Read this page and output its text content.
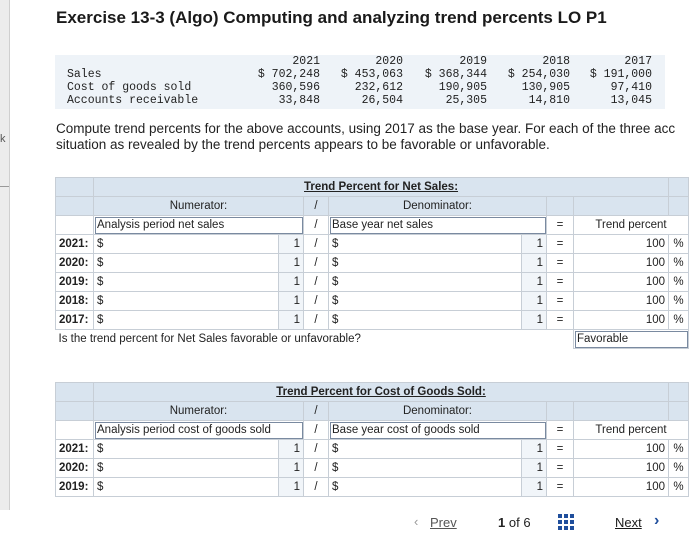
k
Exercise 13-3 (Algo) Computing and analyzing trend percents LO P1
2021	2020	2019	2018	2017
Sales	$ 702,248	$ 453,063	$ 368,344	$ 254,030	$ 191,000
Cost of goods sold	360,596	232,612	190,905	130,905	97,410
Accounts receivable	33,848	26,504	25,305	14,810	13,045
Compute trend percents for the above accounts, using 2017 as the base year. For each of the three acc
situation as revealed by the trend percents appears to be favorable or unfavorable.
	Trend Percent for Net Sales:							
	Numerator:		/	Denominator:				
	Analysis period net sales		/	Base year net sales		=	Trend percent	
2021:	$	1	/	$	1	=	100	%
2020:	$	1	/	$	1	=	100	%
2019:	$	1	/	$	1	=	100	%
2018:	$	1	/	$	1	=	100	%
2017:	$	1	/	$	1	=	100	%
Is the trend percent for Net Sales favorable or unfavorable?							Favorable	
	Trend Percent for Cost of Goods Sold:							
	Numerator:		/	Denominator:				
	Analysis period cost of goods sold		/	Base year cost of goods sold		=	Trend percent	
2021:	$	1	/	$	1	=	100	%
2020:	$	1	/	$	1	=	100	%
2019:	$	1	/	$	1	=	100	%
‹ Prev	1 of 6	Next ›
